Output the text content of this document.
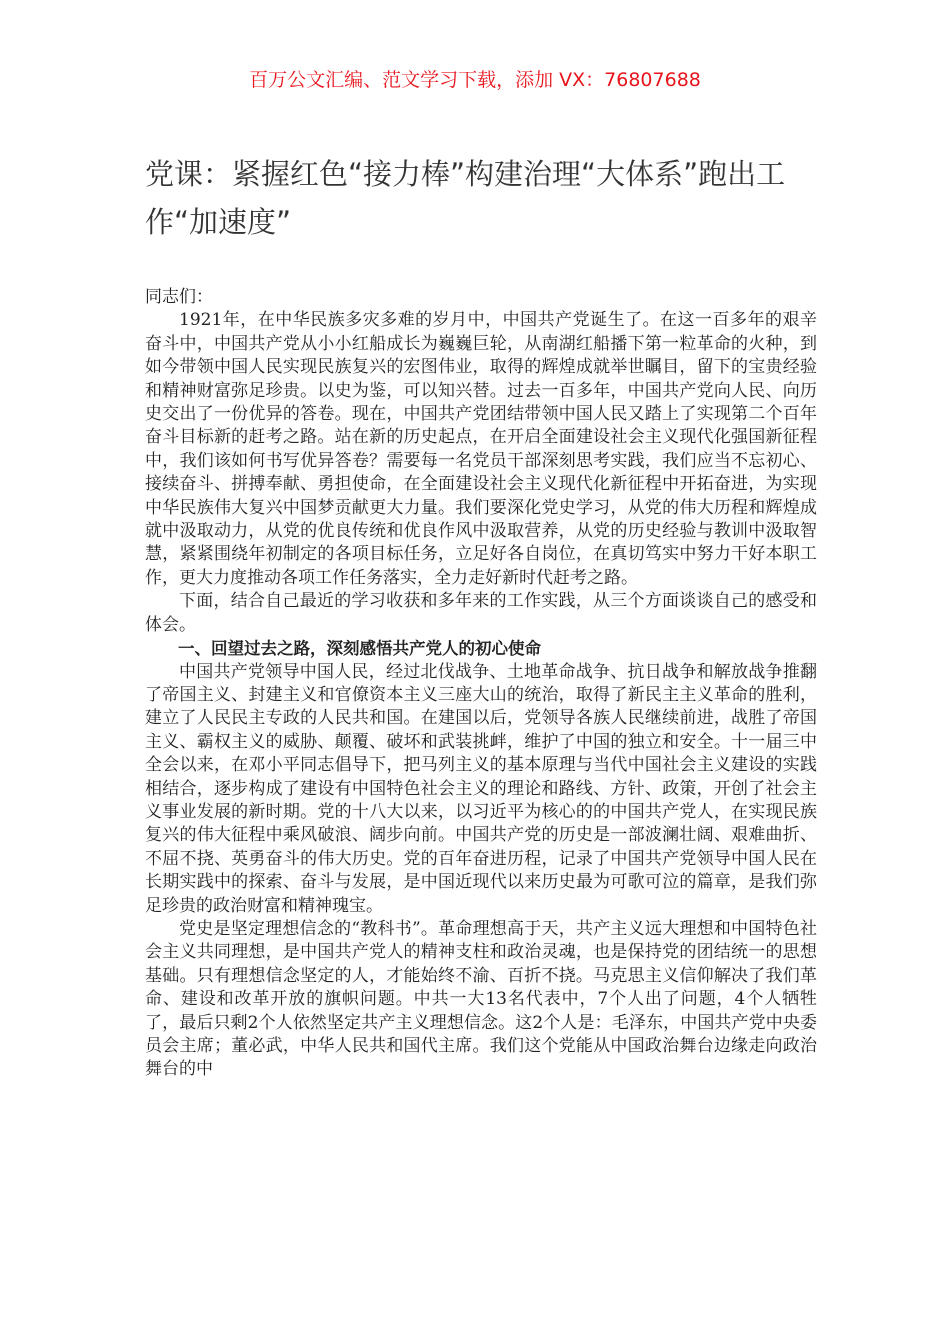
百万公文汇编、范文学习下载，添加 VX：76807688
党课：紧握红色“接力棒”构建治理“大体系”跑出工作“加速度”

同志们：

1921年，在中华民族多灾多难的岁月中，中国共产党诞生了。在这一百多年的艰辛奋斗中，中国共产党从小小红船成长为巍巍巨轮，从南湖红船播下第一粒革命的火种，到如今带领中国人民实现民族复兴的宏图伟业，取得的辉煌成就举世瞩目，留下的宝贵经验和精神财富弥足珍贵。以史为鉴，可以知兴替。过去一百多年，中国共产党向人民、向历史交出了一份优异的答卷。现在，中国共产党团结带领中国人民又踏上了实现第二个百年奋斗目标新的赶考之路。站在新的历史起点，在开启全面建设社会主义现代化强国新征程中，我们该如何书写优异答卷？需要每一名党员干部深刻思考实践，我们应当不忘初心、接续奋斗、拼搏奉献、勇担使命，在全面建设社会主义现代化新征程中开拓奋进，为实现中华民族伟大复兴中国梦贡献更大力量。我们要深化党史学习，从党的伟大历程和辉煌成就中汲取动力，从党的优良传统和优良作风中汲取营养，从党的历史经验与教训中汲取智慧，紧紧围绕年初制定的各项目标任务，立足好各自岗位，在真切笃实中努力干好本职工作，更大力度推动各项工作任务落实，全力走好新时代赶考之路。

下面，结合自己最近的学习收获和多年来的工作实践，从三个方面谈谈自己的感受和体会。

一、回望过去之路，深刻感悟共产党人的初心使命

中国共产党领导中国人民，经过北伐战争、土地革命战争、抗日战争和解放战争推翻了帝国主义、封建主义和官僚资本主义三座大山的统治，取得了新民主主义革命的胜利，建立了人民民主专政的人民共和国。在建国以后，党领导各族人民继续前进，战胜了帝国主义、霸权主义的威胁、颠覆、破坏和武装挑衅，维护了中国的独立和安全。十一届三中全会以来，在邓小平同志倡导下，把马列主义的基本原理与当代中国社会主义建设的实践相结合，逐步构成了建设有中国特色社会主义的理论和路线、方针、政策，开创了社会主义事业发展的新时期。党的十八大以来，以习近平为核心的的中国共产党人，在实现民族复兴的伟大征程中乘风破浪、阔步向前。中国共产党的历史是一部波澜壮阔、艰难曲折、不屈不挠、英勇奋斗的伟大历史。党的百年奋进历程，记录了中国共产党领导中国人民在长期实践中的探索、奋斗与发展，是中国近现代以来历史最为可歌可泣的篇章，是我们弥足珍贵的政治财富和精神瑰宝。

党史是坚定理想信念的“教科书”。革命理想高于天，共产主义远大理想和中国特色社会主义共同理想，是中国共产党人的精神支柱和政治灵魂，也是保持党的团结统一的思想基础。只有理想信念坚定的人，才能始终不渝、百折不挠。马克思主义信仰解决了我们革命、建设和改革开放的旗帜问题。中共一大13名代表中，7个人出了问题，4个人牺牲了，最后只剩2个人依然坚定共产主义理想信念。这2个人是：毛泽东，中国共产党中央委员会主席；董必武，中华人民共和国代主席。我们这个党能从中国政治舞台边缘走向政治舞台的中
